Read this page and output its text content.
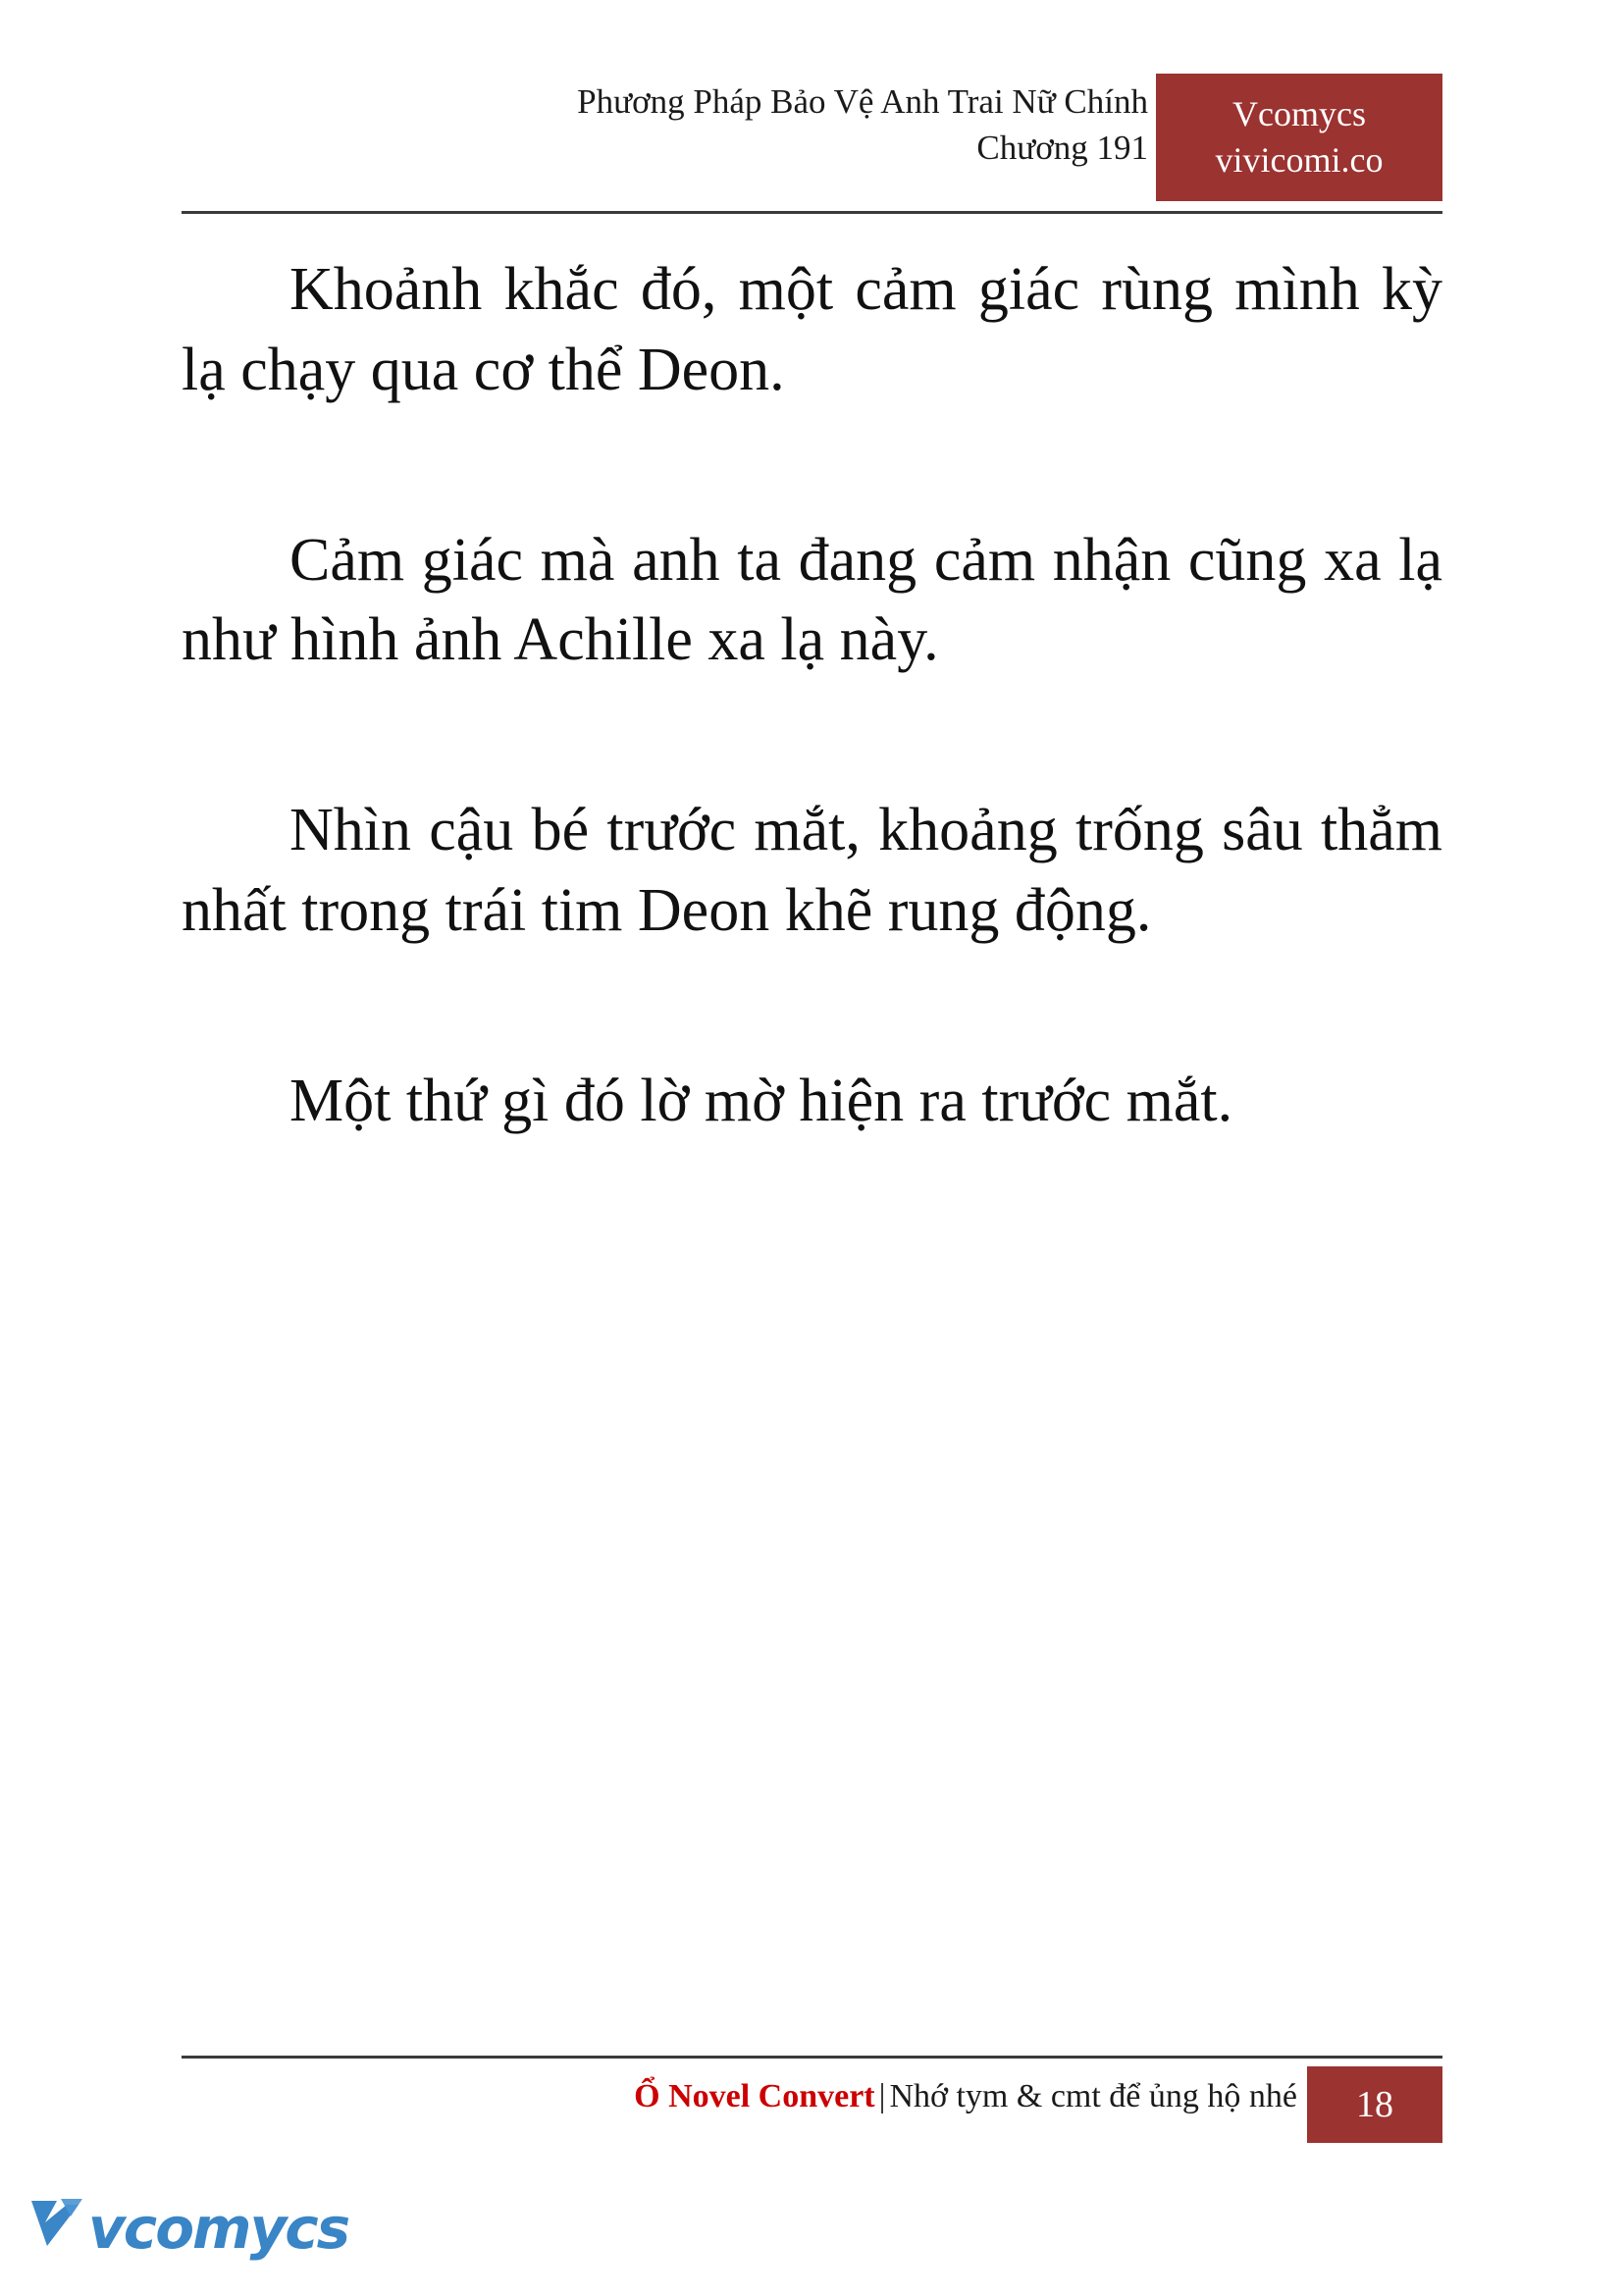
Phương Pháp Bảo Vệ Anh Trai Nữ Chính
Chương 191
Vcomycs
vivicomi.co

Khoảnh khắc đó, một cảm giác rùng mình kỳ lạ chạy qua cơ thể Deon.

Cảm giác mà anh ta đang cảm nhận cũng xa lạ như hình ảnh Achille xa lạ này.

Nhìn cậu bé trước mắt, khoảng trống sâu thẳm nhất trong trái tim Deon khẽ rung động.

Một thứ gì đó lờ mờ hiện ra trước mắt.

Ổ Novel Convert | Nhớ tym & cmt để ủng hộ nhé	18
vcomycs
